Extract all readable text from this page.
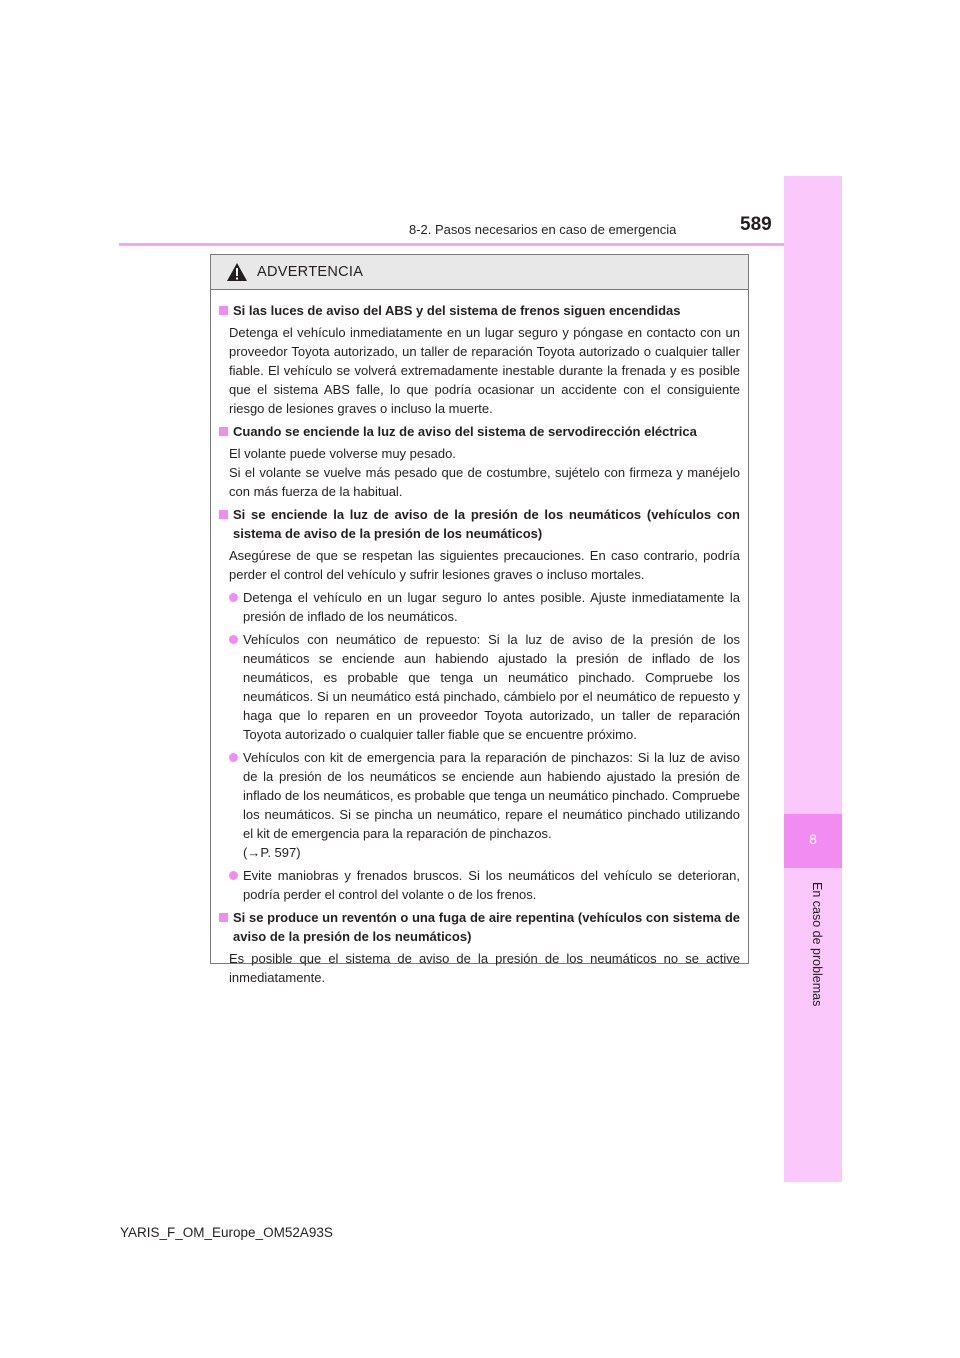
8-2. Pasos necesarios en caso de emergencia	589
8
En caso de problemas
ADVERTENCIA
Si las luces de aviso del ABS y del sistema de frenos siguen encendidas

Detenga el vehículo inmediatamente en un lugar seguro y póngase en contacto con un proveedor Toyota autorizado, un taller de reparación Toyota autorizado o cualquier taller fiable. El vehículo se volverá extremadamente inestable durante la frenada y es posible que el sistema ABS falle, lo que podría ocasionar un accidente con el consiguiente riesgo de lesiones graves o incluso la muerte.

Cuando se enciende la luz de aviso del sistema de servodirección eléctrica

El volante puede volverse muy pesado.

Si el volante se vuelve más pesado que de costumbre, sujételo con firmeza y manéjelo con más fuerza de la habitual.

Si se enciende la luz de aviso de la presión de los neumáticos (vehículos con sistema de aviso de la presión de los neumáticos)

Asegúrese de que se respetan las siguientes precauciones. En caso contrario, podría perder el control del vehículo y sufrir lesiones graves o incluso mortales.

Detenga el vehículo en un lugar seguro lo antes posible. Ajuste inmediatamente la presión de inflado de los neumáticos.
Vehículos con neumático de repuesto: Si la luz de aviso de la presión de los neumáticos se enciende aun habiendo ajustado la presión de inflado de los neumáticos, es probable que tenga un neumático pinchado. Compruebe los neumáticos. Si un neumático está pinchado, cámbielo por el neumático de repuesto y haga que lo reparen en un proveedor Toyota autorizado, un taller de reparación Toyota autorizado o cualquier taller fiable que se encuentre próximo.
Vehículos con kit de emergencia para la reparación de pinchazos: Si la luz de aviso de la presión de los neumáticos se enciende aun habiendo ajustado la presión de inflado de los neumáticos, es probable que tenga un neumático pinchado. Compruebe los neumáticos. Si se pincha un neumático, repare el neumático pinchado utilizando el kit de emergencia para la reparación de pinchazos.
(→P. 597)
Evite maniobras y frenados bruscos. Si los neumáticos del vehículo se deterioran, podría perder el control del volante o de los frenos.
Si se produce un reventón o una fuga de aire repentina (vehículos con sistema de aviso de la presión de los neumáticos)

Es posible que el sistema de aviso de la presión de los neumáticos no se active inmediatamente.

YARIS_F_OM_Europe_OM52A93S
